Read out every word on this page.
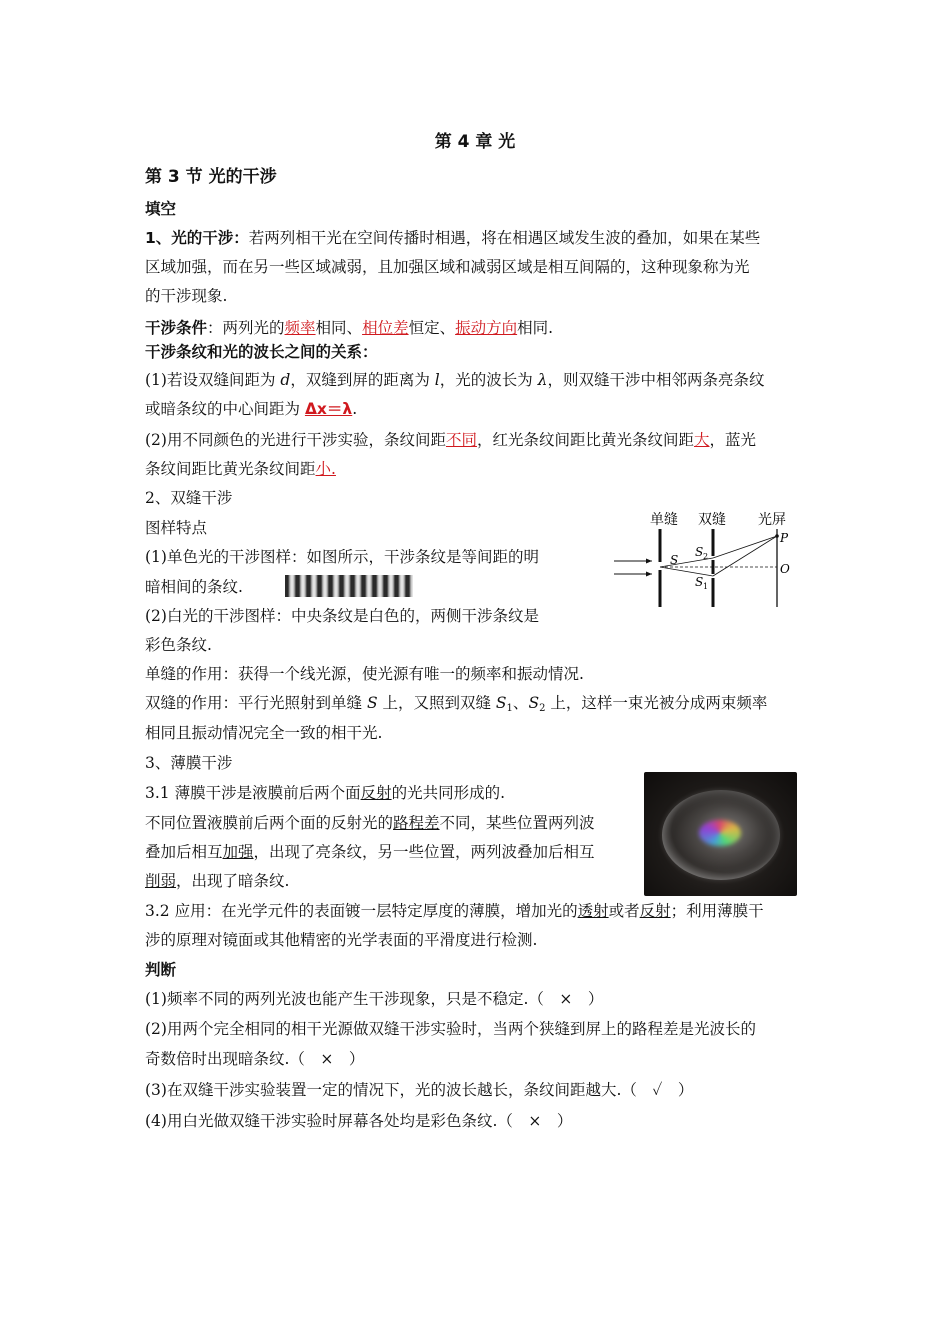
第 4 章 光
第 3 节 光的干涉
填空
1、光的干涉：若两列相干光在空间传播时相遇，将在相遇区域发生波的叠加，如果在某些
区域加强，而在另一些区域减弱，且加强区域和减弱区域是相互间隔的，这种现象称为光
的干涉现象.
干涉条件：两列光的频率相同、相位差恒定、振动方向相同.
干涉条纹和光的波长之间的关系：
(1)若设双缝间距为 d，双缝到屏的距离为 l，光的波长为 λ，则双缝干涉中相邻两条亮条纹
或暗条纹的中心间距为 Δx＝λ.
(2)用不同颜色的光进行干涉实验，条纹间距不同，红光条纹间距比黄光条纹间距大，蓝光
条纹间距比黄光条纹间距小.
2、双缝干涉
图样特点
(1)单色光的干涉图样：如图所示，干涉条纹是等间距的明
暗相间的条纹.
(2)白光的干涉图样：中央条纹是白色的，两侧干涉条纹是
彩色条纹.
单缝的作用：获得一个线光源，使光源有唯一的频率和振动情况.
双缝的作用：平行光照射到单缝 S 上，又照到双缝 $S_1$、$S_2$ 上，这样一束光被分成两束频率
相同且振动情况完全一致的相干光.
单缝 双缝 光屏
S
S 2
S 1
P
O
3、薄膜干涉
3.1 薄膜干涉是液膜前后两个面反射的光共同形成的.
不同位置液膜前后两个面的反射光的路程差不同，某些位置两列波
叠加后相互加强，出现了亮条纹，另一些位置，两列波叠加后相互
削弱，出现了暗条纹.
3.2 应用：在光学元件的表面镀一层特定厚度的薄膜，增加光的透射或者反射；利用薄膜干
涉的原理对镜面或其他精密的光学表面的平滑度进行检测.
判断
(1)频率不同的两列光波也能产生干涉现象，只是不稳定.（　×　）
(2)用两个完全相同的相干光源做双缝干涉实验时，当两个狭缝到屏上的路程差是光波长的
奇数倍时出现暗条纹.（　×　）
(3)在双缝干涉实验装置一定的情况下，光的波长越长，条纹间距越大.（　✓　）
(4)用白光做双缝干涉实验时屏幕各处均是彩色条纹.（　×　）
